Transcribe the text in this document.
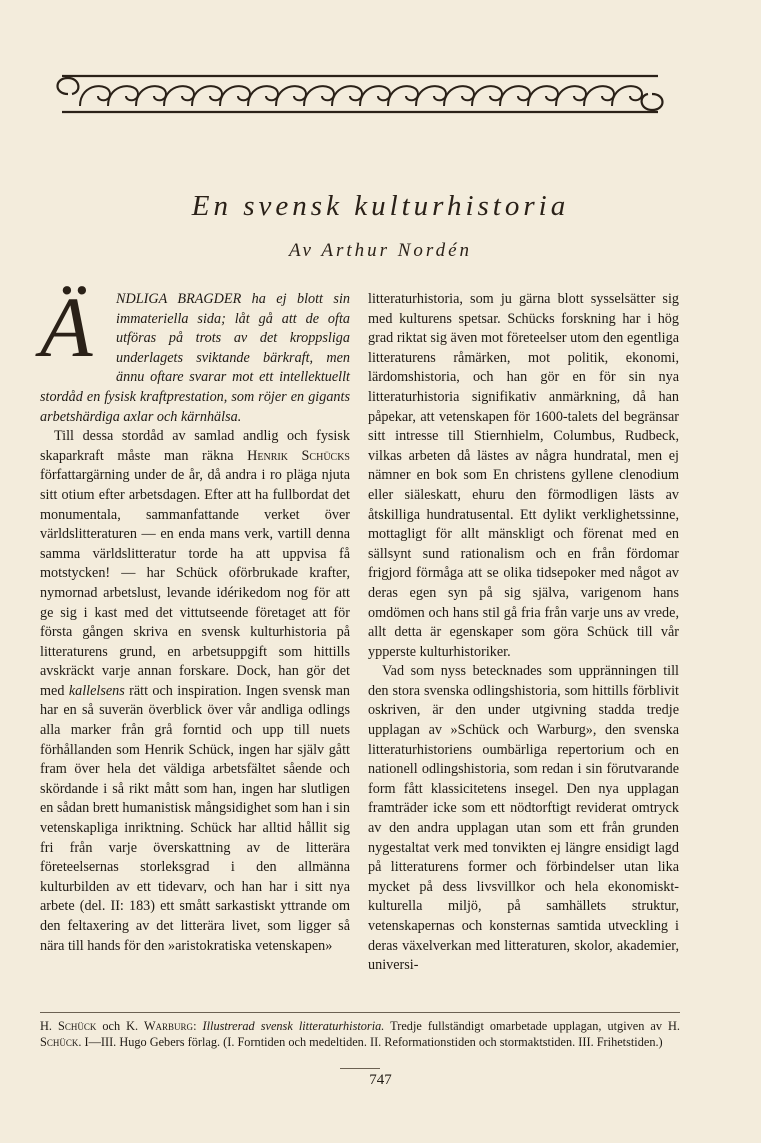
En svensk kulturhistoria
Av Arthur Nordén

Ä	NDLIGA BRAGDER ha ej blott sin immateriella sida; låt gå att de ofta utföras på trots av det kroppsliga underlagets sviktande bärkraft, men ännu oftare svarar mot ett intellektuellt stordåd en fysisk kraftprestation, som röjer en gigants arbetshärdiga axlar och kärnhälsa.

Till dessa stordåd av samlad andlig och fysisk skaparkraft måste man räkna Henrik Schücks författargärning under de år, då andra i ro pläga njuta sitt otium efter arbetsdagen. Efter att ha fullbordat det monumentala, sammanfattande verket över världslitteraturen — en enda mans verk, vartill denna samma världslitteratur torde ha att uppvisa få motstycken! — har Schück oförbrukade krafter, nymornad arbetslust, levande idérikedom nog för att ge sig i kast med det vittutseende företaget att för första gången skriva en svensk kulturhistoria på litteraturens grund, en arbetsuppgift som hittills avskräckt varje annan forskare. Dock, han gör det med kallelsens rätt och inspiration. Ingen svensk man har en så suverän överblick över vår andliga odlings alla marker från grå forntid och upp till nuets förhållanden som Henrik Schück, ingen har själv gått fram över hela det väldiga arbetsfältet sående och skördande i så rikt mått som han, ingen har slutligen en sådan brett humanistisk mångsidighet som han i sin vetenskapliga inriktning. Schück har alltid hållit sig fri från varje överskattning av de litterära företeelsernas storleksgrad i den allmänna kulturbilden av ett tidevarv, och han har i sitt nya arbete (del. II: 183) ett smått sarkastiskt yttrande om den feltaxering av det litterära livet, som ligger så nära till hands för den »aristokratiska vetenskapen»

litteraturhistoria, som ju gärna blott sysselsätter sig med kulturens spetsar. Schücks forskning har i hög grad riktat sig även mot företeelser utom den egentliga litteraturens råmärken, mot politik, ekonomi, lärdomshistoria, och han gör en för sin nya litteraturhistoria signifikativ anmärkning, då han påpekar, att vetenskapen för 1600-talets del begränsar sitt intresse till Stiernhielm, Columbus, Rudbeck, vilkas arbeten då lästes av några hundratal, men ej nämner en bok som En christens gyllene clenodium eller siäleskatt, ehuru den förmodligen lästs av åtskilliga hundratusental. Ett dylikt verklighetssinne, mottagligt för allt mänskligt och förenat med en sällsynt sund rationalism och en från fördomar frigjord förmåga att se olika tidsepoker med något av deras egen syn på sig själva, varigenom hans omdömen och hans stil gå fria från varje uns av vrede, allt detta är egenskaper som göra Schück till vår ypperste kulturhistoriker.

Vad som nyss betecknades som uppränningen till den stora svenska odlingshistoria, som hittills förblivit oskriven, är den under utgivning stadda tredje upplagan av »Schück och Warburg», den svenska litteraturhistoriens oumbärliga repertorium och en nationell odlingshistoria, som redan i sin förutvarande form fått klassicitetens insegel. Den nya upplagan framträder icke som ett nödtorftigt reviderat omtryck av den andra upplagan utan som ett från grunden nygestaltat verk med tonvikten ej längre ensidigt lagd på litteraturens former och förbindelser utan lika mycket på dess livsvillkor och hela ekonomiskt-kulturella miljö, på samhällets struktur, vetenskapernas och konsternas samtida utveckling i deras växelverkan med litteraturen, skolor, akademier, universi-

H. Schück och K. Warburg: Illustrerad svensk litteraturhistoria. Tredje fullständigt omarbetade upplagan, utgiven av H. Schück. I—III. Hugo Gebers förlag. (I. Forntiden och medeltiden. II. Reformationstiden och stormaktstiden. III. Frihetstiden.)
747
